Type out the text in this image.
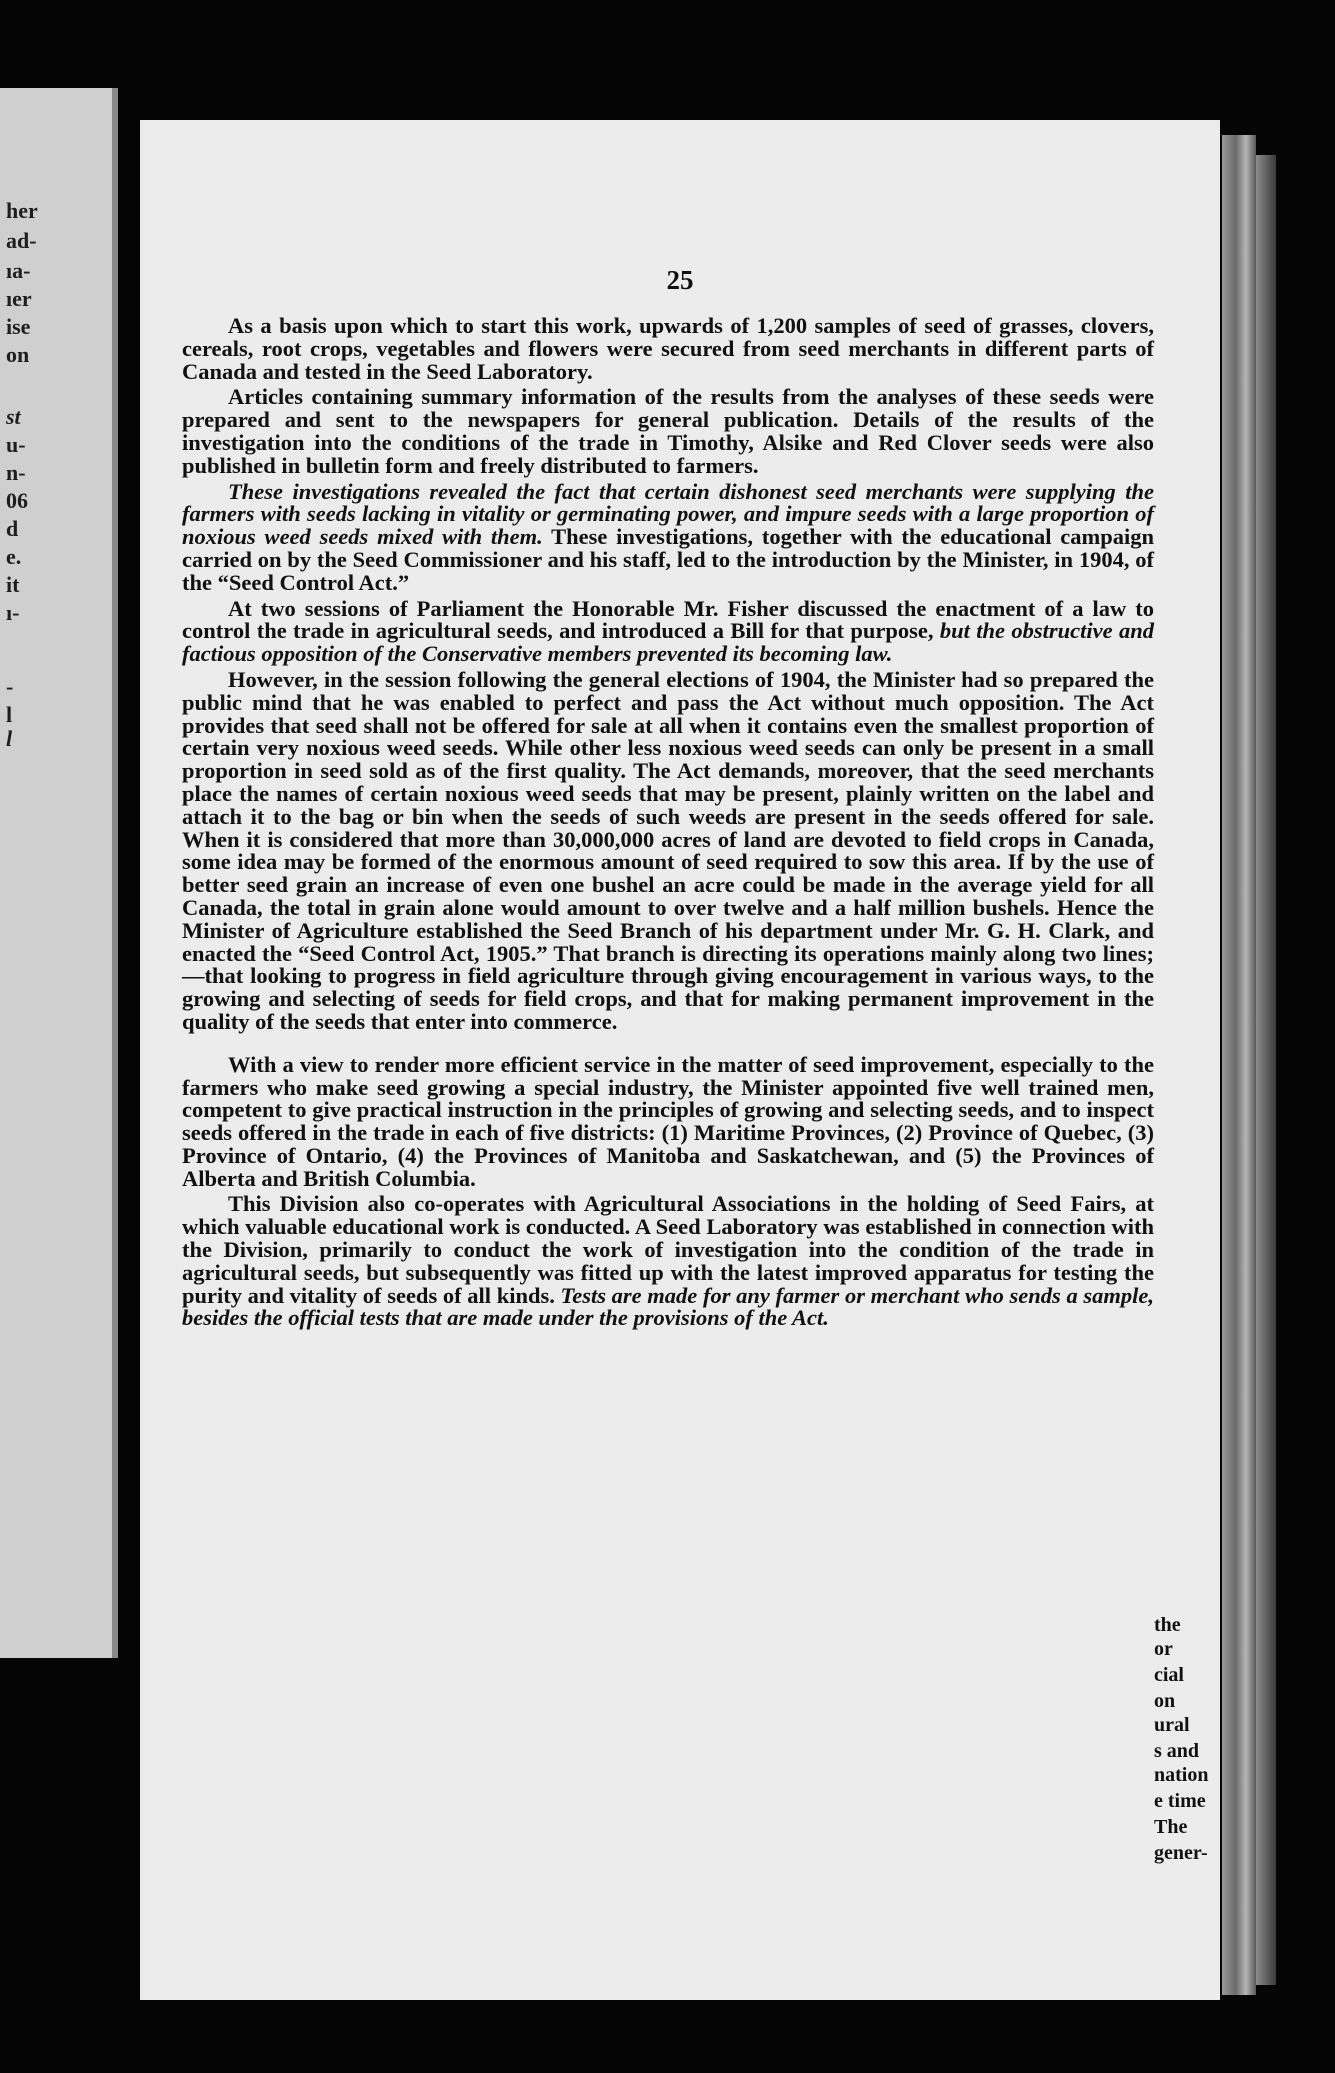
her

ad-

ıa-

ıer

ise

on

st

u-

n-

06

d

e.

it

ı-

-

l

l

25

As a basis upon which to start this work, upwards of 1,200 samples of seed of grasses, clovers, cereals, root crops, vegetables and flowers were secured from seed merchants in different parts of Canada and tested in the Seed Laboratory.

Articles containing summary information of the results from the analyses of these seeds were prepared and sent to the newspapers for general publication. Details of the results of the investigation into the conditions of the trade in Timothy, Alsike and Red Clover seeds were also published in bulletin form and freely distributed to farmers.

These investigations revealed the fact that certain dishonest seed merchants were supplying the farmers with seeds lacking in vitality or germinating power, and impure seeds with a large proportion of noxious weed seeds mixed with them. These investigations, together with the educational campaign carried on by the Seed Commissioner and his staff, led to the introduction by the Minister, in 1904, of the “Seed Control Act.”

At two sessions of Parliament the Honorable Mr. Fisher discussed the enactment of a law to control the trade in agricultural seeds, and introduced a Bill for that purpose, but the obstructive and factious opposition of the Conservative members prevented its becoming law.

However, in the session following the general elections of 1904, the Minister had so prepared the public mind that he was enabled to perfect and pass the Act without much opposition. The Act provides that seed shall not be offered for sale at all when it contains even the smallest proportion of certain very noxious weed seeds. While other less noxious weed seeds can only be present in a small proportion in seed sold as of the first quality. The Act demands, moreover, that the seed merchants place the names of certain noxious weed seeds that may be present, plainly written on the label and attach it to the bag or bin when the seeds of such weeds are present in the seeds offered for sale. When it is considered that more than 30,000,000 acres of land are devoted to field crops in Canada, some idea may be formed of the enormous amount of seed required to sow this area. If by the use of better seed grain an increase of even one bushel an acre could be made in the average yield for all Canada, the total in grain alone would amount to over twelve and a half million bushels. Hence the Minister of Agriculture established the Seed Branch of his department under Mr. G. H. Clark, and enacted the “Seed Control Act, 1905.” That branch is directing its operations mainly along two lines;—that looking to progress in field agriculture through giving encouragement in various ways, to the growing and selecting of seeds for field crops, and that for making permanent improvement in the quality of the seeds that enter into commerce.

With a view to render more efficient service in the matter of seed improvement, especially to the farmers who make seed growing a special industry, the Minister appointed five well trained men, competent to give practical instruction in the principles of growing and selecting seeds, and to inspect seeds offered in the trade in each of five districts: (1) Maritime Provinces, (2) Province of Quebec, (3) Province of Ontario, (4) the Provinces of Manitoba and Saskatchewan, and (5) the Provinces of Alberta and British Columbia.

This Division also co-operates with Agricultural Associations in the holding of Seed Fairs, at which valuable educational work is conducted. A Seed Laboratory was established in connection with the Division, primarily to conduct the work of investigation into the condition of the trade in agricultural seeds, but subsequently was fitted up with the latest improved apparatus for testing the purity and vitality of seeds of all kinds. Tests are made for any farmer or merchant who sends a sample, besides the official tests that are made under the provisions of the Act.

the

or

cial

on

ural

s and

nation

e time

The

gener-
